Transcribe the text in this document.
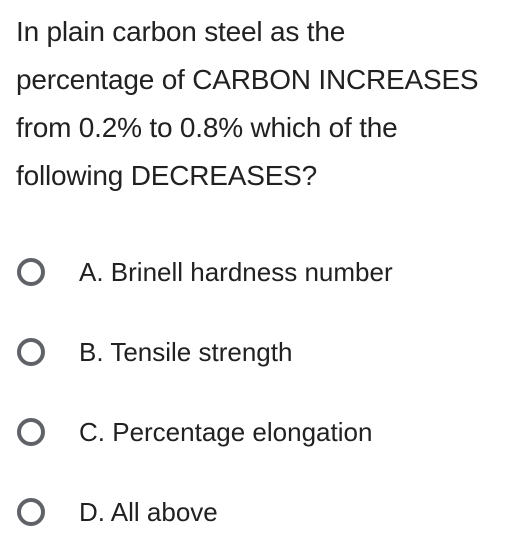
In plain carbon steel as the
percentage of CARBON INCREASES
from 0.2% to 0.8% which of the
following DECREASES?
A. Brinell hardness number
B. Tensile strength
C. Percentage elongation
D. All above
